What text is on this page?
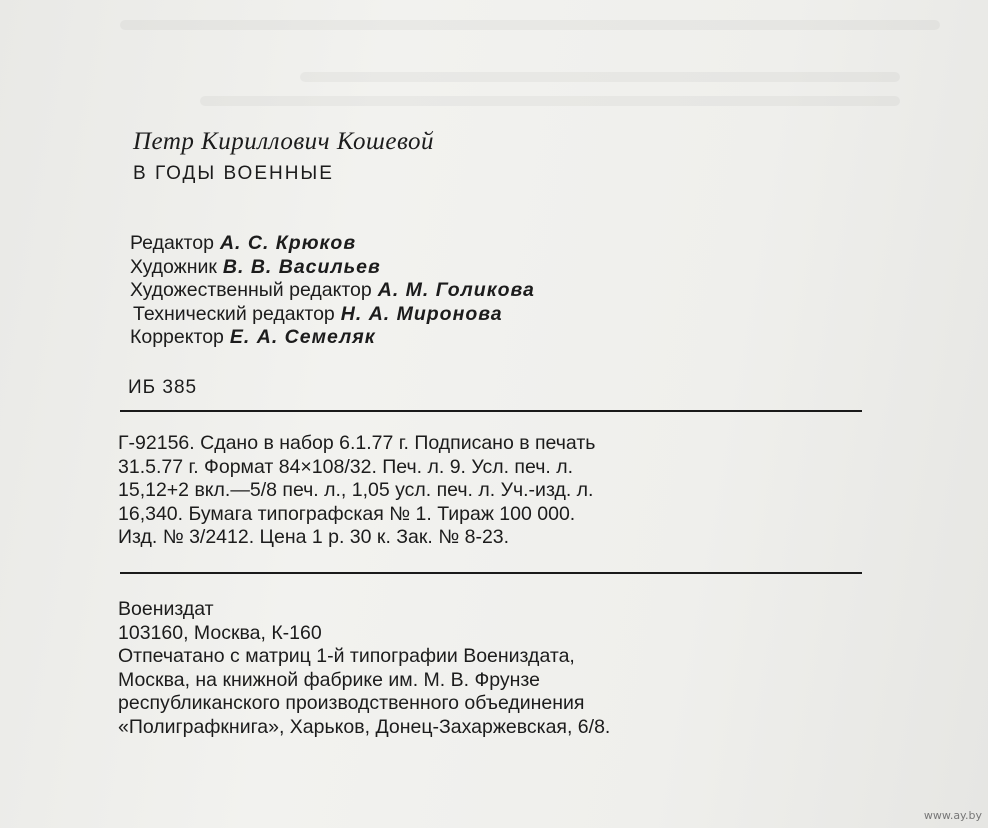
Петр Кириллович Кошевой
В ГОДЫ ВОЕННЫЕ
Редактор А. С. Крюков
Художник В. В. Васильев
Художественный редактор А. М. Голикова
Технический редактор Н. А. Миронова
Корректор Е. А. Семеляк
ИБ 385
Г-92156. Сдано в набор 6.1.77 г. Подписано в печать
31.5.77 г. Формат 84×108/32. Печ. л. 9. Усл. печ. л.
15,12+2 вкл.—5/8 печ. л., 1,05 усл. печ. л. Уч.-изд. л.
16,340. Бумага типографская № 1. Тираж 100 000.
Изд. № 3/2412. Цена 1 р. 30 к. Зак. № 8-23.
Воениздат
103160, Москва, К-160
Отпечатано с матриц 1-й типографии Воениздата,
Москва, на книжной фабрике им. М. В. Фрунзе
республиканского производственного объединения
«Полиграфкнига», Харьков, Донец-Захаржевская, 6/8.
www.ay.by
